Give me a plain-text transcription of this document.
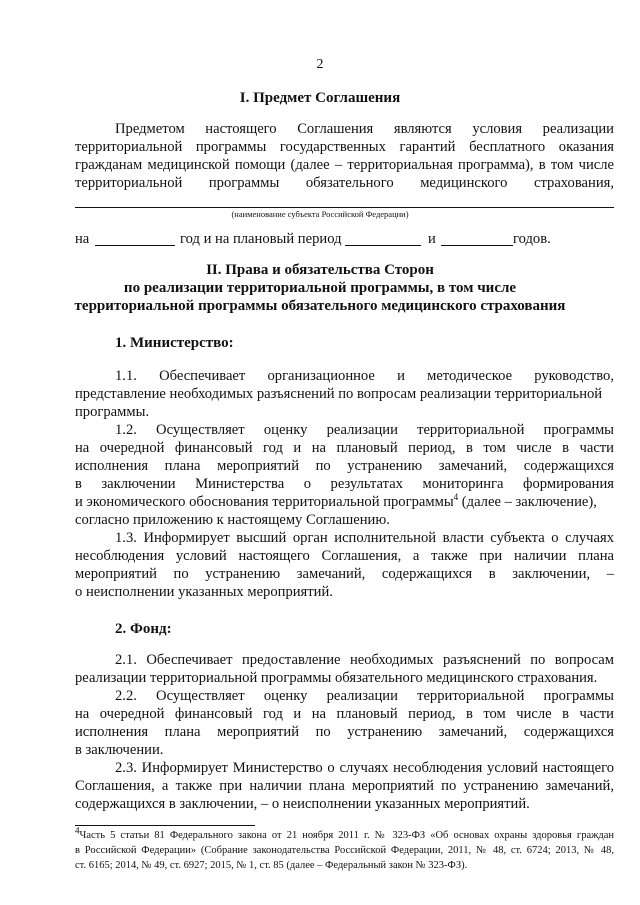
2
I. Предмет Соглашения
Предметом настоящего Соглашения являются условия реализации
территориальной программы государственных гарантий бесплатного оказания
гражданам медицинской помощи (далее – территориальная программа), в том числе
территориальной программы обязательного медицинского страхования,
(наименование субъекта Российской Федерации)
на	год и на плановый период	и	годов.
II. Права и обязательства Сторон
по реализации территориальной программы, в том числе
территориальной программы обязательного медицинского страхования
1. Министерство:
1.1. Обеспечивает организационное и методическое руководство,
представление необходимых разъяснений по вопросам реализации территориальной
программы.
1.2. Осуществляет оценку реализации территориальной программы
на очередной финансовый год и на плановый период, в том числе в части
исполнения плана мероприятий по устранению замечаний, содержащихся
в заключении Министерства о результатах мониторинга формирования
и экономического обоснования территориальной программы$^4$ (далее – заключение),
согласно приложению к настоящему Соглашению.
1.3. Информирует высший орган исполнительной власти субъекта о случаях
несоблюдения условий настоящего Соглашения, а также при наличии плана
мероприятий по устранению замечаний, содержащихся в заключении, –
о неисполнении указанных мероприятий.
2. Фонд:
2.1. Обеспечивает предоставление необходимых разъяснений по вопросам
реализации территориальной программы обязательного медицинского страхования.
2.2. Осуществляет оценку реализации территориальной программы
на очередной финансовый год и на плановый период, в том числе в части
исполнения плана мероприятий по устранению замечаний, содержащихся
в заключении.
2.3. Информирует Министерство о случаях несоблюдения условий настоящего
Соглашения, а также при наличии плана мероприятий по устранению замечаний,
содержащихся в заключении, – о неисполнении указанных мероприятий.
$^4$Часть 5 статьи 81 Федерального закона от 21 ноября 2011 г. № 323-ФЗ «Об основах охраны здоровья граждан
в Российской Федерации» (Собрание законодательства Российской Федерации, 2011, № 48, ст. 6724; 2013, № 48,
ст. 6165; 2014, № 49, ст. 6927; 2015, № 1, ст. 85 (далее – Федеральный закон № 323-ФЗ).
